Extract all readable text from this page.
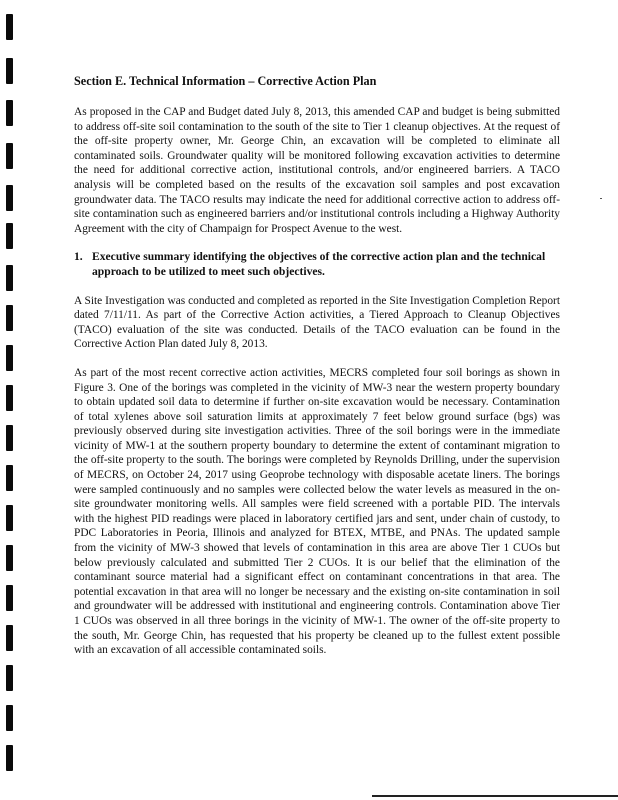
Section E. Technical Information – Corrective Action Plan

As proposed in the CAP and Budget dated July 8, 2013, this amended CAP and budget is being submitted to address off-site soil contamination to the south of the site to Tier 1 cleanup objectives. At the request of the off-site property owner, Mr. George Chin, an excavation will be completed to eliminate all contaminated soils. Groundwater quality will be monitored following excavation activities to determine the need for additional corrective action, institutional controls, and/or engineered barriers. A TACO analysis will be completed based on the results of the excavation soil samples and post excavation groundwater data. The TACO results may indicate the need for additional corrective action to address off-site contamination such as engineered barriers and/or institutional controls including a Highway Authority Agreement with the city of Champaign for Prospect Avenue to the west.

1. Executive summary identifying the objectives of the corrective action plan and the technical approach to be utilized to meet such objectives.

A Site Investigation was conducted and completed as reported in the Site Investigation Completion Report dated 7/11/11. As part of the Corrective Action activities, a Tiered Approach to Cleanup Objectives (TACO) evaluation of the site was conducted. Details of the TACO evaluation can be found in the Corrective Action Plan dated July 8, 2013.

As part of the most recent corrective action activities, MECRS completed four soil borings as shown in Figure 3. One of the borings was completed in the vicinity of MW-3 near the western property boundary to obtain updated soil data to determine if further on-site excavation would be necessary. Contamination of total xylenes above soil saturation limits at approximately 7 feet below ground surface (bgs) was previously observed during site investigation activities. Three of the soil borings were in the immediate vicinity of MW-1 at the southern property boundary to determine the extent of contaminant migration to the off-site property to the south. The borings were completed by Reynolds Drilling, under the supervision of MECRS, on October 24, 2017 using Geoprobe technology with disposable acetate liners. The borings were sampled continuously and no samples were collected below the water levels as measured in the on-site groundwater monitoring wells. All samples were field screened with a portable PID. The intervals with the highest PID readings were placed in laboratory certified jars and sent, under chain of custody, to PDC Laboratories in Peoria, Illinois and analyzed for BTEX, MTBE, and PNAs. The updated sample from the vicinity of MW-3 showed that levels of contamination in this area are above Tier 1 CUOs but below previously calculated and submitted Tier 2 CUOs. It is our belief that the elimination of the contaminant source material had a significant effect on contaminant concentrations in that area. The potential excavation in that area will no longer be necessary and the existing on-site contamination in soil and groundwater will be addressed with institutional and engineering controls. Contamination above Tier 1 CUOs was observed in all three borings in the vicinity of MW-1. The owner of the off-site property to the south, Mr. George Chin, has requested that his property be cleaned up to the fullest extent possible with an excavation of all accessible contaminated soils.
